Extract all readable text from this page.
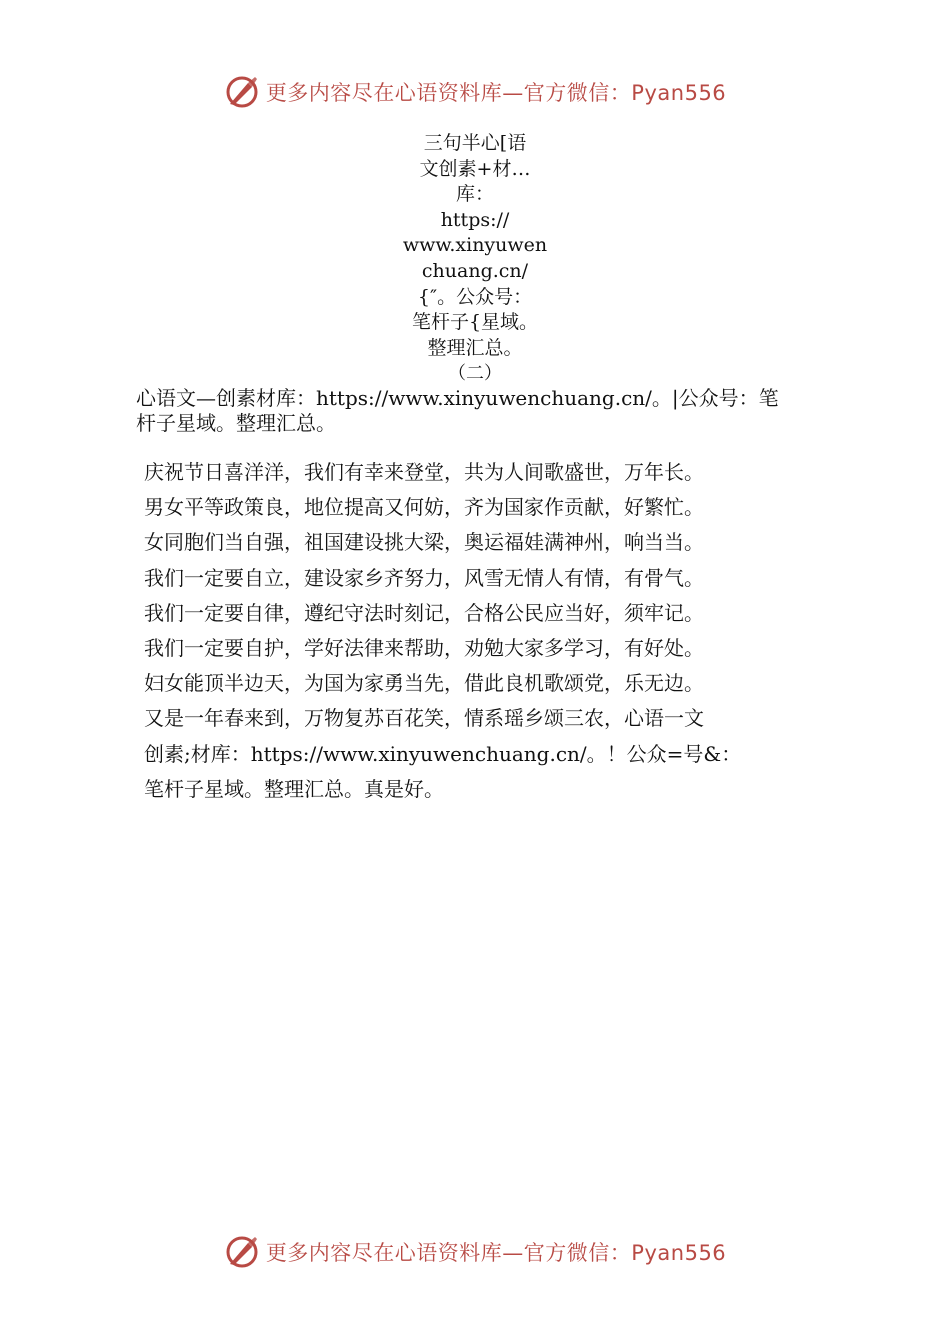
更多内容尽在心语资料库—官方微信：Pyan556
三句半心[语
文创素+材…
库：
https://
www.xinyuwen
chuang.cn/
{″。公众号：
笔杆子{星域。
整理汇总。
（二）
心语文—创素材库：https://www.xinyuwenchuang.cn/。|公众号：笔
杆子星域。整理汇总。
庆祝节日喜洋洋，我们有幸来登堂，共为人间歌盛世，万年长。
男女平等政策良，地位提高又何妨，齐为国家作贡献，好繁忙。
女同胞们当自强，祖国建设挑大梁，奥运福娃满神州，响当当。
我们一定要自立，建设家乡齐努力，风雪无情人有情，有骨气。
我们一定要自律，遵纪守法时刻记，合格公民应当好，须牢记。
我们一定要自护，学好法律来帮助，劝勉大家多学习，有好处。
妇女能顶半边天，为国为家勇当先，借此良机歌颂党，乐无边。
又是一年春来到，万物复苏百花笑，情系瑶乡颂三农，心语一文
创素;材库：https://www.xinyuwenchuang.cn/。！公众=号&：
笔杆子星域。整理汇总。真是好。
更多内容尽在心语资料库—官方微信：Pyan556
